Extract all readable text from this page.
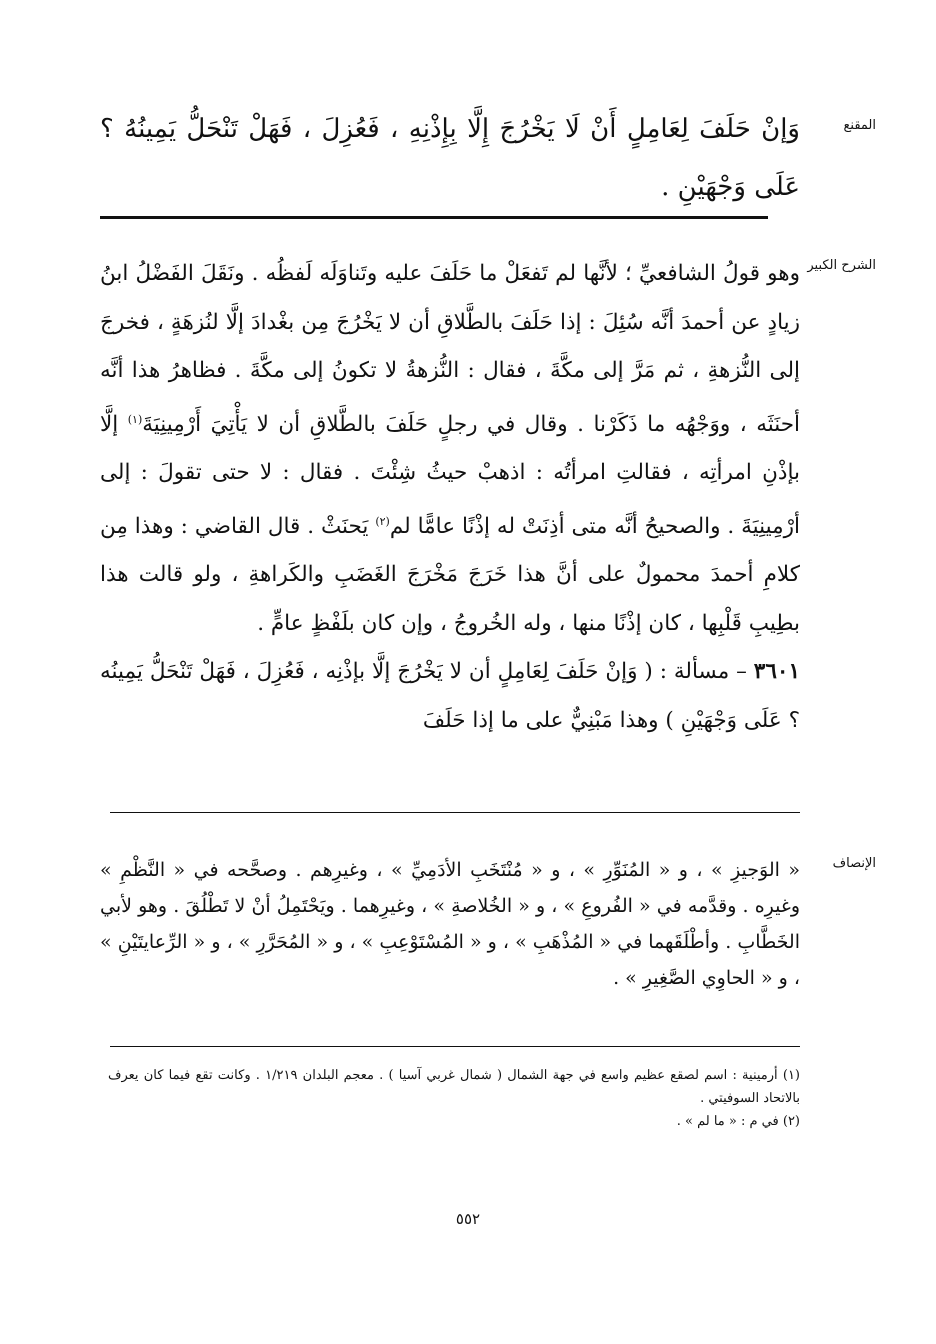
المقنع

وَإنْ حَلَفَ لِعَامِلٍ أَنْ لَا يَخْرُجَ إِلَّا بِإِذْنِهِ ، فَعُزِلَ ، فَهَلْ تَنْحَلُّ يَمِينُهُ ؟ عَلَى وَجْهَيْنِ .

الشرح الكبير

وهو قولُ الشافعيِّ ؛ لأنَّها لم تَفعَلْ ما حَلَفَ عليه وتَناوَلَه لَفظُه . ونَقَلَ الفَضْلُ ابنُ زيادٍ عن أحمدَ أنَّه سُئِلَ : إذا حَلَفَ بالطَّلاقِ أن لا يَخْرُجَ مِن بغْدادَ إلَّا لنُزهَةٍ ، فخرجَ إلى النُّزهةِ ، ثم مَرَّ إلى مكَّةَ ، فقال : النُّزهةُ لا تكونُ إلى مكَّةَ . فظاهرُ هذا أنَّه أحنَثَه ، ووَجْهُه ما ذَكَرْنا . وقال في رجلٍ حَلَفَ بالطَّلاقِ أن لا يَأْتِيَ أَرْمِينِيَةَ$^{(١)}$ إلَّا بإذْنِ امرأتِه ، فقالتِ امرأتُه : اذهبْ حيثُ شِئْتَ . فقال : لا حتى تقولَ : إلى أرْمِينِيَةَ . والصحيحُ أنَّه متى أذِنَتْ له إذْنًا عامًّا لم$^{(٢)}$ يَحنَثْ . قال القاضي : وهذا مِن كلامِ أحمدَ محمولٌ على أنَّ هذا خَرَجَ مَخْرَجَ الغَضَبِ والكَراهةِ ، ولو قالت هذا بطِيبِ قَلْبِها ، كان إذْنًا منها ، وله الخُروجُ ، وإن كان بلَفْظٍ عامٍّ .

٣٦٠١ – مسألة : ( وَإنْ حَلَفَ لِعَامِلٍ أن لا يَخْرُجَ إلَّا بإذْنِه ، فَعُزِلَ ، فَهَلْ تَنْحَلُّ يَمِينُه ؟ عَلَى وَجْهَيْنِ ) وهذا مَبْنِيٌّ على ما إذا حَلَفَ

الإنصاف

« الوَجيزِ » ، و « المُنَوِّرِ » ، و « مُنْتَخَبِ الأدَمِيِّ » ، وغيرِهم . وصحَّحه في « النَّظْمِ » وغيرِه . وقدَّمه في « الفُروعِ » ، و « الخُلاصةِ » ، وغيرِهما . ويَحْتَمِلُ أنْ لا تَطْلُقَ . وهو لأبي الخَطَّابِ . وأطْلَقَهما في « المُذْهَبِ » ، و « المُسْتَوْعِبِ » ، و « المُحَرَّرِ » ، و « الرِّعايتَيْنِ » ، و « الحاوِي الصَّغِيرِ » .

(١) أرمينية : اسم لصقع عظيم واسع في جهة الشمال ( شمال غربي آسيا ) . معجم البلدان ١/٢١٩ . وكانت تقع فيما كان يعرف بالاتحاد السوفيتي .

(٢) في م : « ما لم » .

٥٥٢
